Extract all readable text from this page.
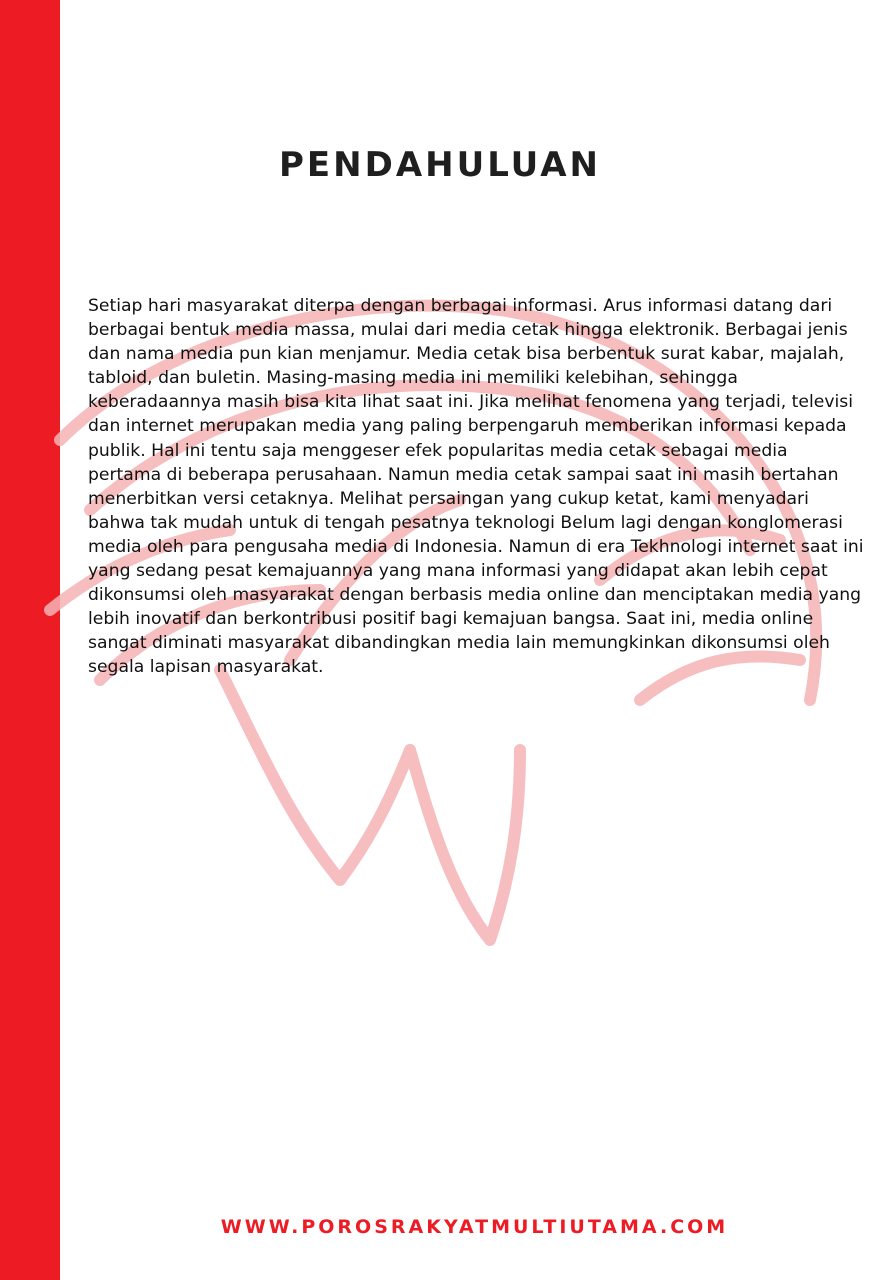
PENDAHULUAN

Setiap hari masyarakat diterpa dengan berbagai informasi. Arus informasi datang dari berbagai bentuk media massa, mulai dari media cetak hingga elektronik. Berbagai jenis dan nama media pun kian menjamur. Media cetak bisa berbentuk surat kabar, majalah, tabloid, dan buletin. Masing-masing media ini memiliki kelebihan, sehingga keberadaannya masih bisa kita lihat saat ini. Jika melihat fenomena yang terjadi, televisi dan internet merupakan media yang paling berpengaruh memberikan informasi kepada publik. Hal ini tentu saja menggeser efek popularitas media cetak sebagai media pertama di beberapa perusahaan. Namun media cetak sampai saat ini masih bertahan menerbitkan versi cetaknya. Melihat persaingan yang cukup ketat, kami menyadari bahwa tak mudah untuk di tengah pesatnya teknologi Belum lagi dengan konglomerasi media oleh para pengusaha media di Indonesia. Namun di era Tekhnologi internet saat ini yang sedang pesat kemajuannya yang mana informasi yang didapat akan lebih cepat dikonsumsi oleh masyarakat dengan berbasis media online dan menciptakan media yang lebih inovatif dan berkontribusi positif bagi kemajuan bangsa. Saat ini, media online sangat diminati masyarakat dibandingkan media lain memungkinkan dikonsumsi oleh segala lapisan masyarakat.

WWW.POROSRAKYATMULTIUTAMA.COM
